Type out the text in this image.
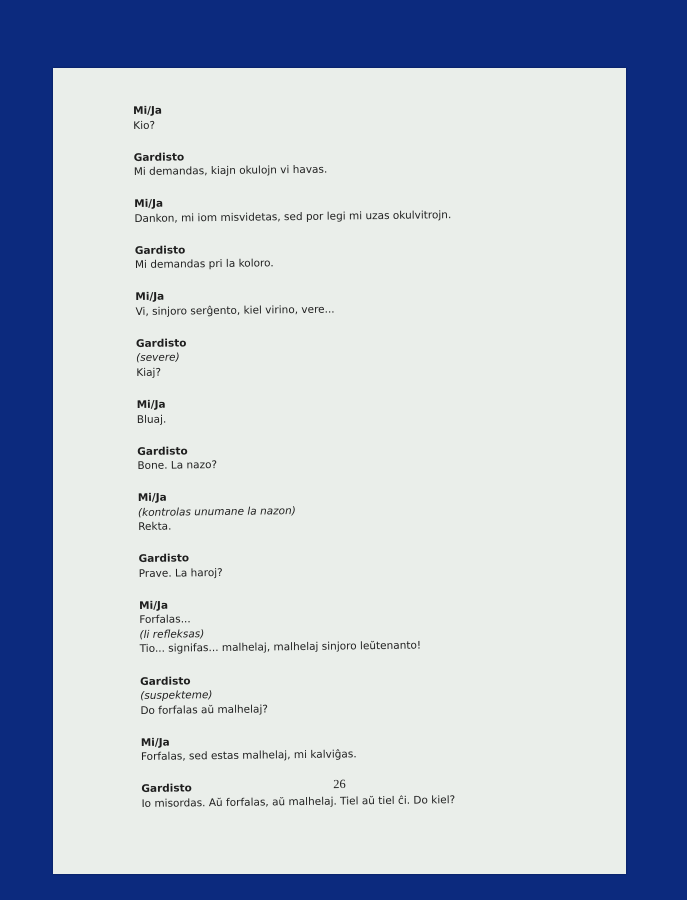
Mi/Ja
Kio?
Gardisto
Mi demandas, kiajn okulojn vi havas.
Mi/Ja
Dankon, mi iom misvidetas, sed por legi mi uzas okulvitrojn.
Gardisto
Mi demandas pri la koloro.
Mi/Ja
Vi, sinjoro serĝento, kiel virino, vere...
Gardisto
(severe)
Kiaj?
Mi/Ja
Bluaj.
Gardisto
Bone. La nazo?
Mi/Ja
(kontrolas unumane la nazon)
Rekta.
Gardisto
Prave. La haroj?
Mi/Ja
Forfalas...
(li refleksas)
Tio... signifas... malhelaj, malhelaj sinjoro leŭtenanto!
Gardisto
(suspekteme)
Do forfalas aŭ malhelaj?
Mi/Ja
Forfalas, sed estas malhelaj, mi kalviĝas.
Gardisto
Io misordas. Aŭ forfalas, aŭ malhelaj. Tiel aŭ tiel ĉi. Do kiel?
26
